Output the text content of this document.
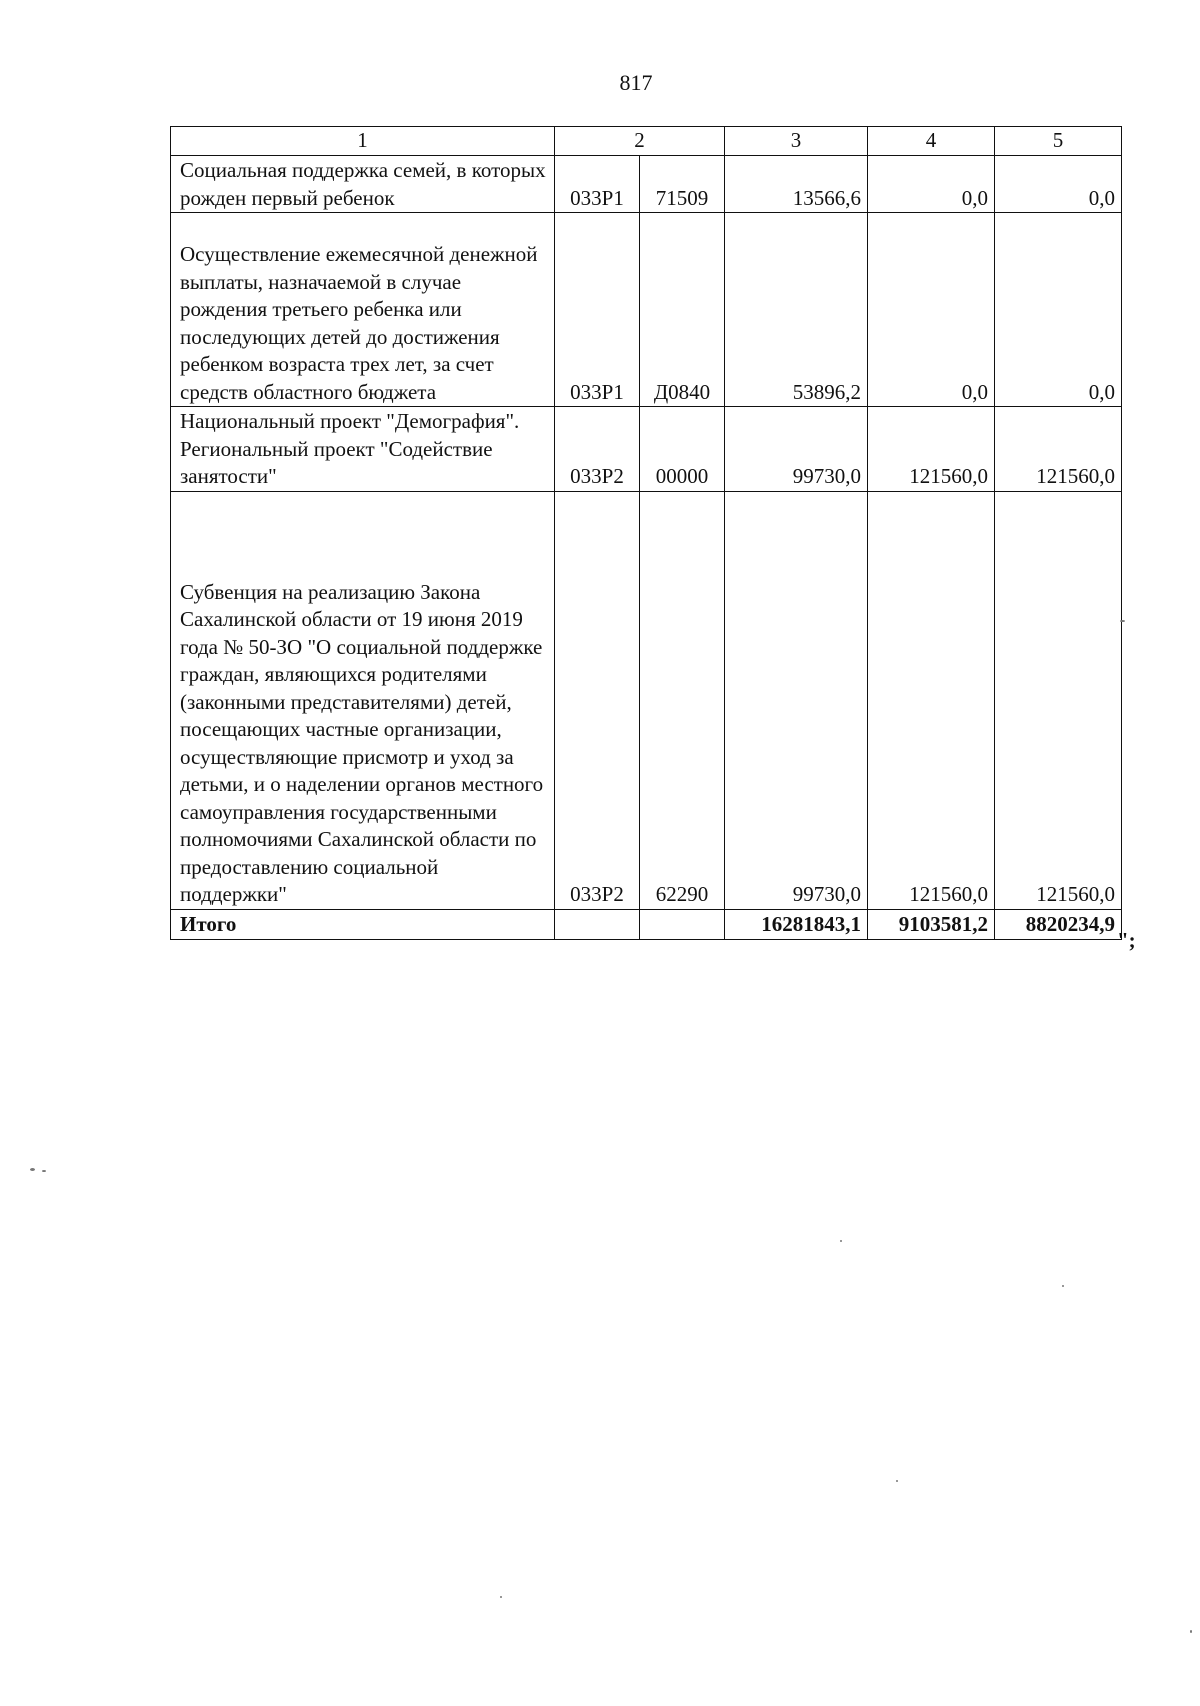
817
1	2		3	4	5
Социальная поддержка семей, в которых рожден первый ребенок	033P1	71509	13566,6	0,0	0,0
Осуществление ежемесячной денежной выплаты, назначаемой в случае рождения третьего ребенка или последующих детей до достижения ребенком возраста трех лет, за счет средств областного бюджета	033P1	Д0840	53896,2	0,0	0,0
Национальный проект "Демография". Региональный проект "Содействие занятости"	033P2	00000	99730,0	121560,0	121560,0
Субвенция на реализацию Закона Сахалинской области от 19 июня 2019 года № 50-ЗО "О социальной поддержке граждан, являющихся родителями (законными представителями) детей, посещающих частные организации, осуществляющие присмотр и уход за детьми, и о наделении органов местного самоуправления государственными полномочиями Сахалинской области по предоставлению социальной поддержки"	033P2	62290	99730,0	121560,0	121560,0
Итого			16281843,1	9103581,2	8820234,9
";
